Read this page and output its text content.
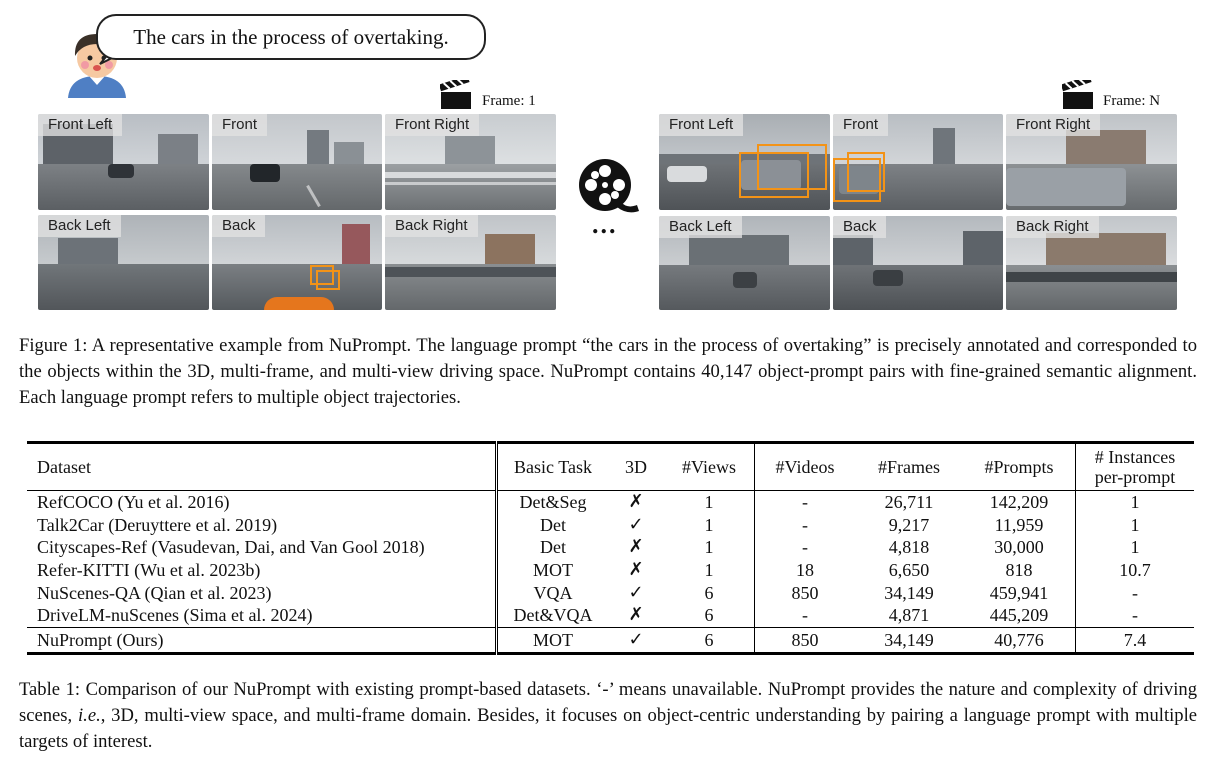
The cars in the process of overtaking.
Frame: 1	Frame: N
Front Left	Front	Front Right
Back Left	Back	Back Right	...
Front Left	Front	Front Right
Back Left	Back	Back Right
Figure 1: A representative example from NuPrompt. The language prompt “the cars in the process of overtaking” is precisely annotated and corresponded to the objects within the 3D, multi-frame, and multi-view driving space. NuPrompt contains 40,147 object-prompt pairs with fine-grained semantic alignment. Each language prompt refers to multiple object trajectories.
Dataset	Basic Task	3D	#Views	#Videos	#Frames	#Prompts	# Instances
per-prompt
RefCOCO (Yu et al. 2016)	Det&Seg	✗	1	-	26,711	142,209	1
Talk2Car (Deruyttere et al. 2019)	Det	✓	1	-	9,217	11,959	1
Cityscapes-Ref (Vasudevan, Dai, and Van Gool 2018)	Det	✗	1	-	4,818	30,000	1
Refer-KITTI (Wu et al. 2023b)	MOT	✗	1	18	6,650	818	10.7
NuScenes-QA (Qian et al. 2023)	VQA	✓	6	850	34,149	459,941	-
DriveLM-nuScenes (Sima et al. 2024)	Det&VQA	✗	6	-	4,871	445,209	-
NuPrompt (Ours)	MOT	✓	6	850	34,149	40,776	7.4
Table 1: Comparison of our NuPrompt with existing prompt-based datasets. ‘-’ means unavailable. NuPrompt provides the nature and complexity of driving scenes, i.e., 3D, multi-view space, and multi-frame domain. Besides, it focuses on object-centric understanding by pairing a language prompt with multiple targets of interest.
